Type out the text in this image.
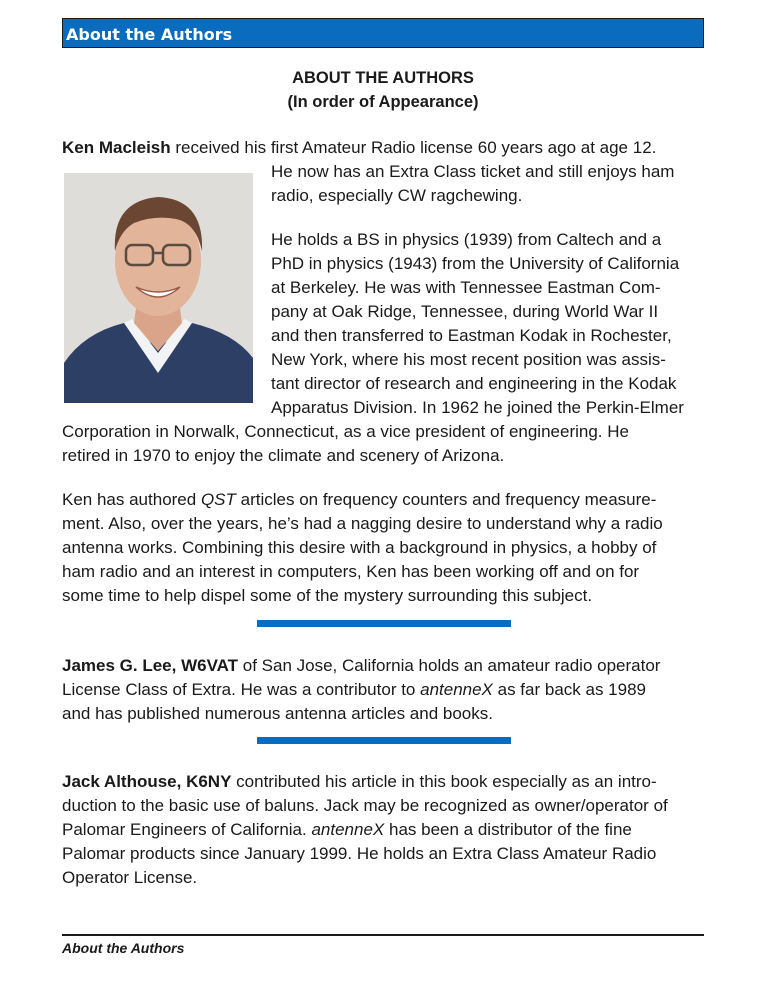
About the Authors
ABOUT THE AUTHORS
(In order of Appearance)
Ken Macleish received his first Amateur Radio license 60 years ago at age 12.
He now has an Extra Class ticket and still enjoys ham
radio, especially CW ragchewing.
He holds a BS in physics (1939) from Caltech and a
PhD in physics (1943) from the University of California
at Berkeley. He was with Tennessee Eastman Com-
pany at Oak Ridge, Tennessee, during World War II
and then transferred to Eastman Kodak in Rochester,
New York, where his most recent position was assis-
tant director of research and engineering in the Kodak
Apparatus Division. In 1962 he joined the Perkin-Elmer
Corporation in Norwalk, Connecticut, as a vice president of engineering. He
retired in 1970 to enjoy the climate and scenery of Arizona.
Ken has authored QST articles on frequency counters and frequency measure-
ment. Also, over the years, he’s had a nagging desire to understand why a radio
antenna works. Combining this desire with a background in physics, a hobby of
ham radio and an interest in computers, Ken has been working off and on for
some time to help dispel some of the mystery surrounding this subject.
James G. Lee, W6VAT of San Jose, California holds an amateur radio operator
License Class of Extra. He was a contributor to antenneX as far back as 1989
and has published numerous antenna articles and books.
Jack Althouse, K6NY contributed his article in this book especially as an intro-
duction to the basic use of baluns. Jack may be recognized as owner/operator of
Palomar Engineers of California. antenneX has been a distributor of the fine
Palomar products since January 1999. He holds an Extra Class Amateur Radio
Operator License.
About the Authors
